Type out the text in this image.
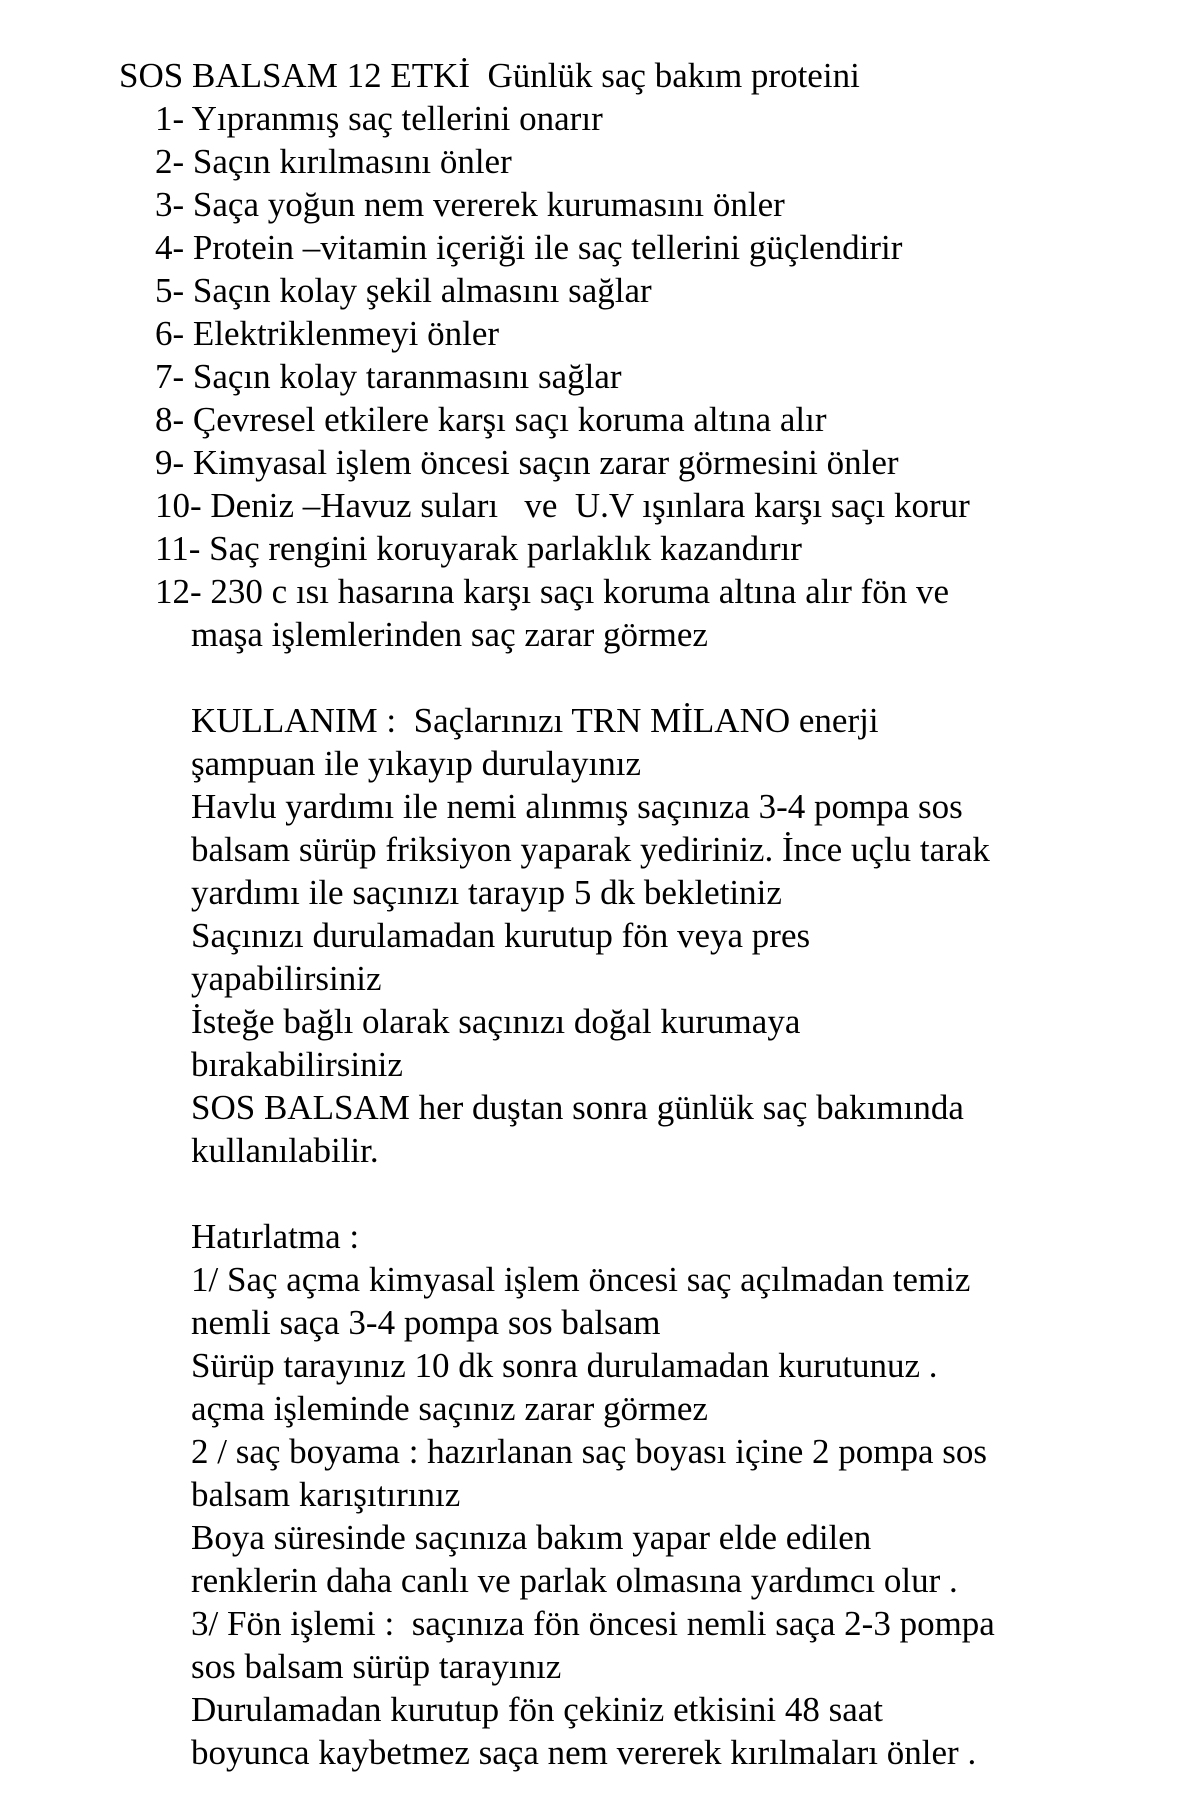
SOS BALSAM 12 ETKİ  Günlük saç bakım proteini
1- Yıpranmış saç tellerini onarır
2- Saçın kırılmasını önler
3- Saça yoğun nem vererek kurumasını önler
4- Protein –vitamin içeriği ile saç tellerini güçlendirir
5- Saçın kolay şekil almasını sağlar
6- Elektriklenmeyi önler
7- Saçın kolay taranmasını sağlar
8- Çevresel etkilere karşı saçı koruma altına alır
9- Kimyasal işlem öncesi saçın zarar görmesini önler
10- Deniz –Havuz suları   ve  U.V ışınlara karşı saçı korur
11- Saç rengini koruyarak parlaklık kazandırır
12- 230 c ısı hasarına karşı saçı koruma altına alır fön ve
maşa işlemlerinden saç zarar görmez
KULLANIM :  Saçlarınızı TRN MİLANO enerji
şampuan ile yıkayıp durulayınız
Havlu yardımı ile nemi alınmış saçınıza 3-4 pompa sos
balsam sürüp friksiyon yaparak yediriniz. İnce uçlu tarak
yardımı ile saçınızı tarayıp 5 dk bekletiniz
Saçınızı durulamadan kurutup fön veya pres
yapabilirsiniz
İsteğe bağlı olarak saçınızı doğal kurumaya
bırakabilirsiniz
SOS BALSAM her duştan sonra günlük saç bakımında
kullanılabilir.
Hatırlatma :
1/ Saç açma kimyasal işlem öncesi saç açılmadan temiz
nemli saça 3-4 pompa sos balsam
Sürüp tarayınız 10 dk sonra durulamadan kurutunuz .
açma işleminde saçınız zarar görmez
2 / saç boyama : hazırlanan saç boyası içine 2 pompa sos
balsam karışıtırınız
Boya süresinde saçınıza bakım yapar elde edilen
renklerin daha canlı ve parlak olmasına yardımcı olur .
3/ Fön işlemi :  saçınıza fön öncesi nemli saça 2-3 pompa
sos balsam sürüp tarayınız
Durulamadan kurutup fön çekiniz etkisini 48 saat
boyunca kaybetmez saça nem vererek kırılmaları önler .
